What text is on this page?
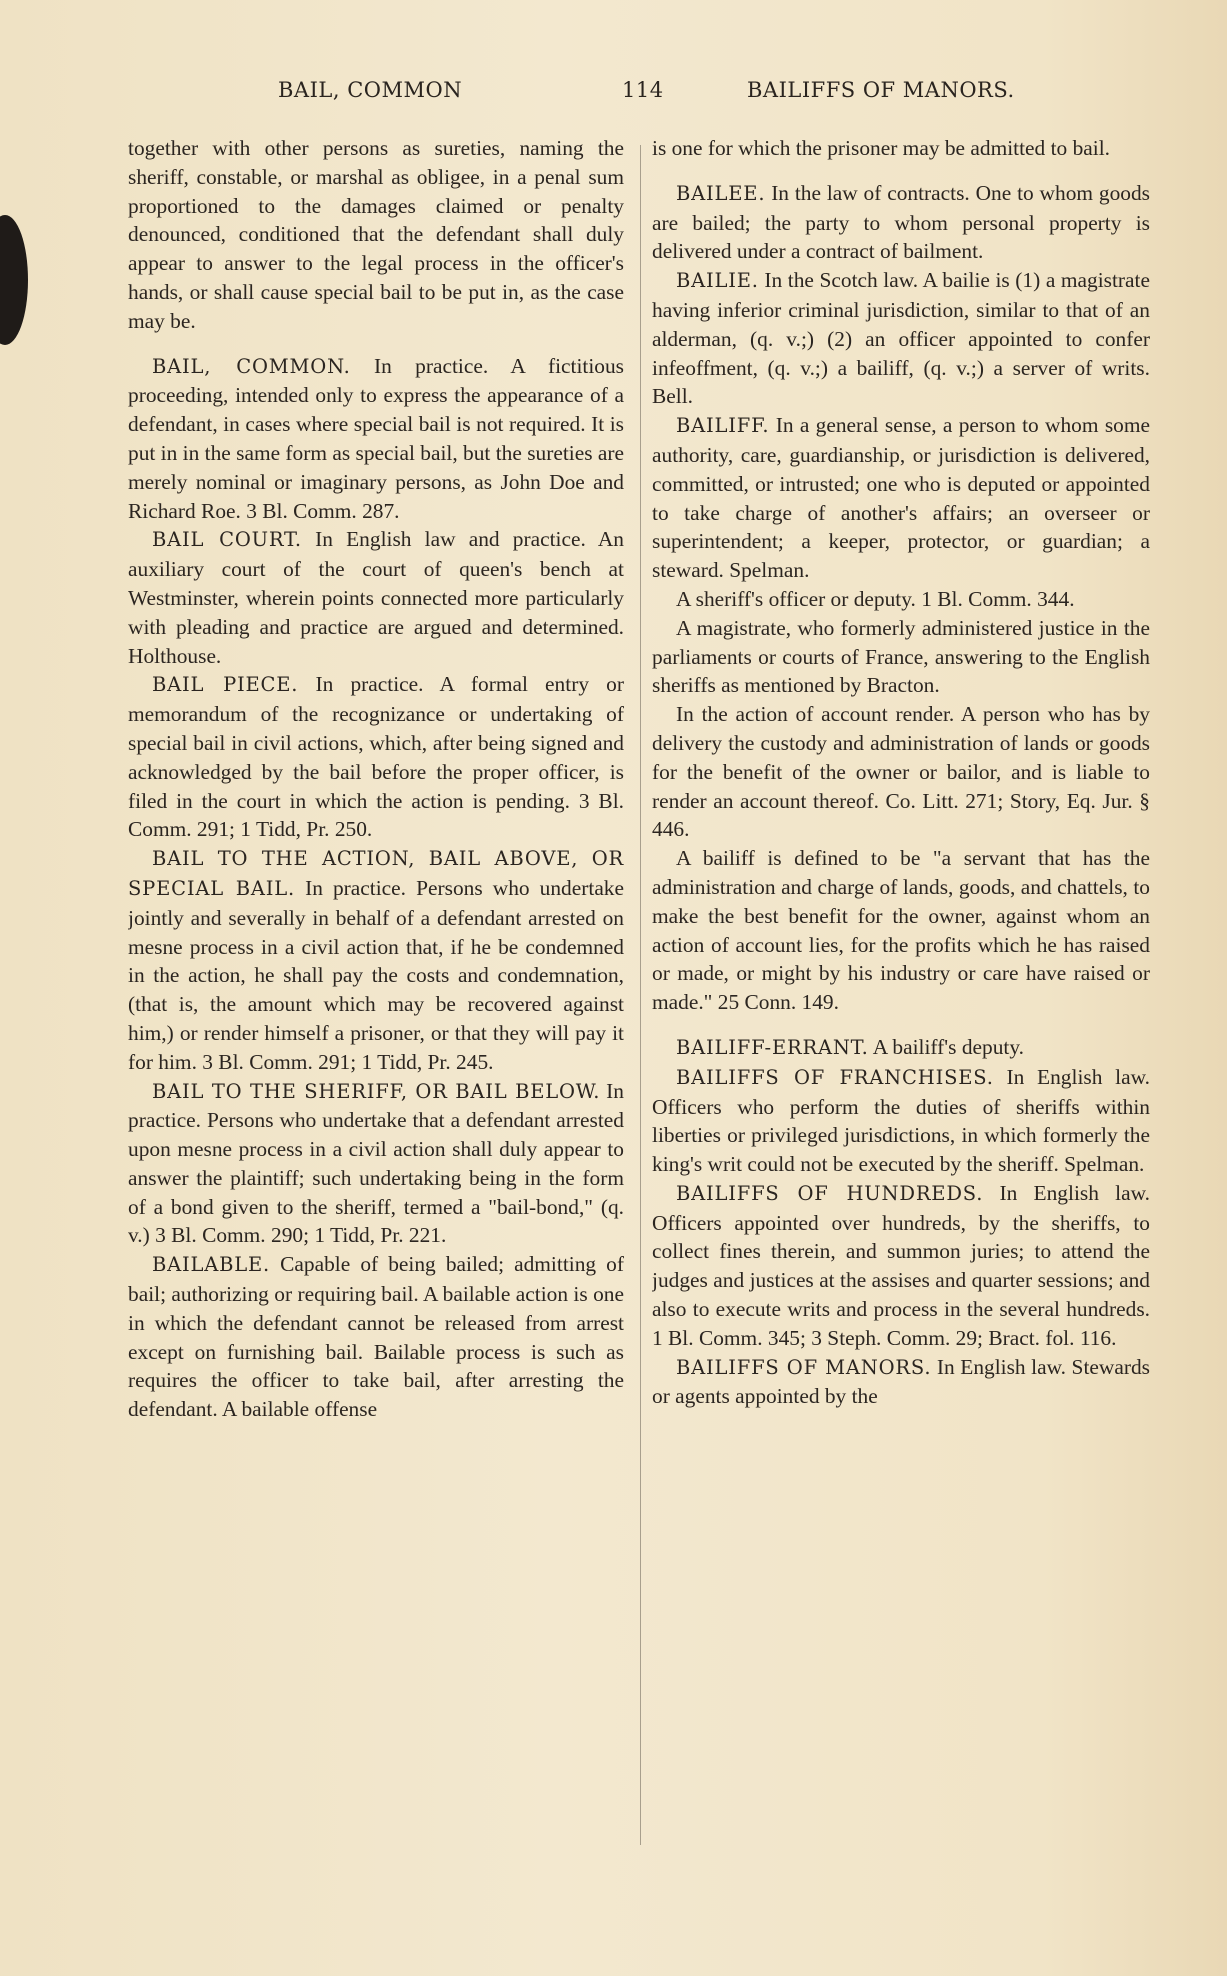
BAIL, COMMON	114	BAILIFFS OF MANORS.

together with other persons as sureties, naming the sheriff, constable, or marshal as obligee, in a penal sum proportioned to the damages claimed or penalty denounced, conditioned that the defendant shall duly appear to answer to the legal process in the officer's hands, or shall cause special bail to be put in, as the case may be.

BAIL, COMMON. In practice. A fictitious proceeding, intended only to express the appearance of a defendant, in cases where special bail is not required. It is put in in the same form as special bail, but the sureties are merely nominal or imaginary persons, as John Doe and Richard Roe. 3 Bl. Comm. 287.

BAIL COURT. In English law and practice. An auxiliary court of the court of queen's bench at Westminster, wherein points connected more particularly with pleading and practice are argued and determined. Holthouse.

BAIL PIECE. In practice. A formal entry or memorandum of the recognizance or undertaking of special bail in civil actions, which, after being signed and acknowledged by the bail before the proper officer, is filed in the court in which the action is pending. 3 Bl. Comm. 291; 1 Tidd, Pr. 250.

BAIL TO THE ACTION, BAIL ABOVE, OR SPECIAL BAIL. In practice. Persons who undertake jointly and severally in behalf of a defendant arrested on mesne process in a civil action that, if he be condemned in the action, he shall pay the costs and condemnation, (that is, the amount which may be recovered against him,) or render himself a prisoner, or that they will pay it for him. 3 Bl. Comm. 291; 1 Tidd, Pr. 245.

BAIL TO THE SHERIFF, OR BAIL BELOW. In practice. Persons who undertake that a defendant arrested upon mesne process in a civil action shall duly appear to answer the plaintiff; such undertaking being in the form of a bond given to the sheriff, termed a "bail-bond," (q. v.) 3 Bl. Comm. 290; 1 Tidd, Pr. 221.

BAILABLE. Capable of being bailed; admitting of bail; authorizing or requiring bail. A bailable action is one in which the defendant cannot be released from arrest except on furnishing bail. Bailable process is such as requires the officer to take bail, after arresting the defendant. A bailable offense

is one for which the prisoner may be admitted to bail.

BAILEE. In the law of contracts. One to whom goods are bailed; the party to whom personal property is delivered under a contract of bailment.

BAILIE. In the Scotch law. A bailie is (1) a magistrate having inferior criminal jurisdiction, similar to that of an alderman, (q. v.;) (2) an officer appointed to confer infeoffment, (q. v.;) a bailiff, (q. v.;) a server of writs. Bell.

BAILIFF. In a general sense, a person to whom some authority, care, guardianship, or jurisdiction is delivered, committed, or intrusted; one who is deputed or appointed to take charge of another's affairs; an overseer or superintendent; a keeper, protector, or guardian; a steward. Spelman.

A sheriff's officer or deputy. 1 Bl. Comm. 344.

A magistrate, who formerly administered justice in the parliaments or courts of France, answering to the English sheriffs as mentioned by Bracton.

In the action of account render. A person who has by delivery the custody and administration of lands or goods for the benefit of the owner or bailor, and is liable to render an account thereof. Co. Litt. 271; Story, Eq. Jur. § 446.

A bailiff is defined to be "a servant that has the administration and charge of lands, goods, and chattels, to make the best benefit for the owner, against whom an action of account lies, for the profits which he has raised or made, or might by his industry or care have raised or made." 25 Conn. 149.

BAILIFF-ERRANT. A bailiff's deputy.

BAILIFFS OF FRANCHISES. In English law. Officers who perform the duties of sheriffs within liberties or privileged jurisdictions, in which formerly the king's writ could not be executed by the sheriff. Spelman.

BAILIFFS OF HUNDREDS. In English law. Officers appointed over hundreds, by the sheriffs, to collect fines therein, and summon juries; to attend the judges and justices at the assises and quarter sessions; and also to execute writs and process in the several hundreds. 1 Bl. Comm. 345; 3 Steph. Comm. 29; Bract. fol. 116.

BAILIFFS OF MANORS. In English law. Stewards or agents appointed by the
